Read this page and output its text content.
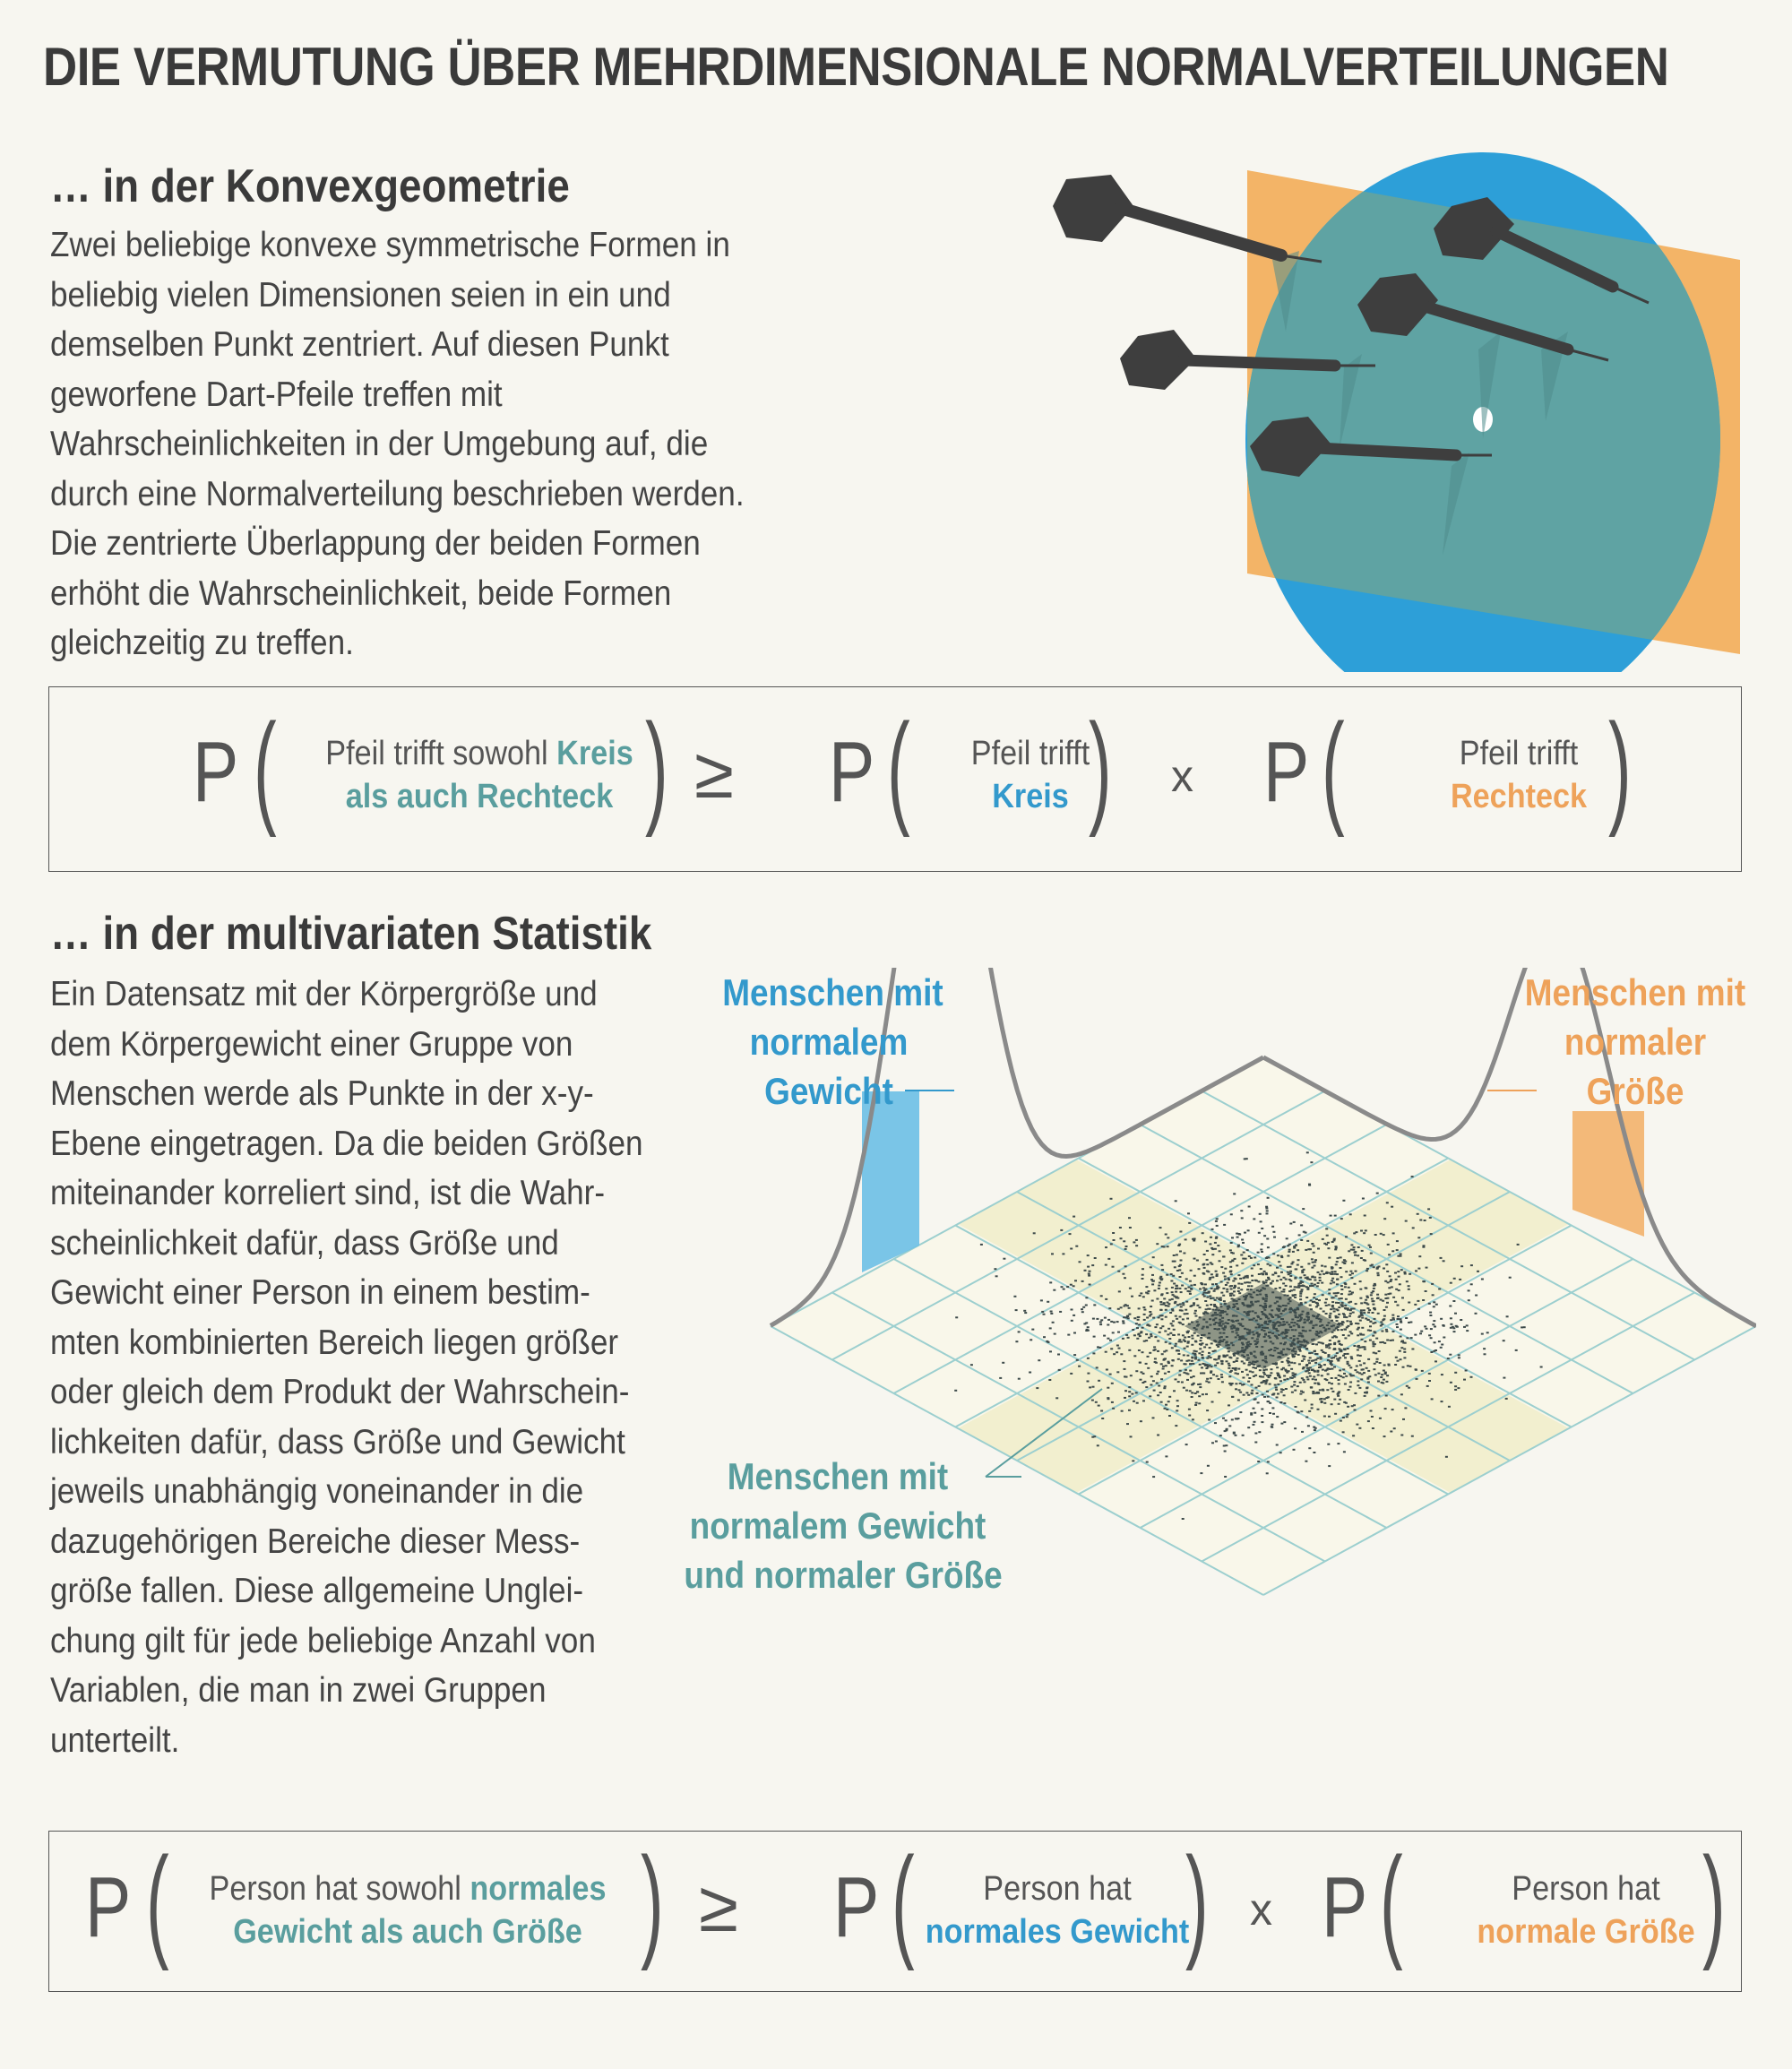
DIE VERMUTUNG ÜBER MEHRDIMENSIONALE NORMALVERTEILUNGEN
… in der Konvexgeometrie
Zwei beliebige konvexe symmetrische Formen in
beliebig vielen Dimensionen seien in ein und
demselben Punkt zentriert. Auf diesen Punkt
geworfene Dart-Pfeile treffen mit
Wahrscheinlichkeiten in der Umgebung auf, die
durch eine Normalverteilung beschrieben werden.
Die zentrierte Überlappung der beiden Formen
erhöht die Wahrscheinlichkeit, beide Formen
gleichzeitig zu treffen.
P (	Pfeil trifft sowohl Kreis
als auch Rechteck ) ≥ P (	Pfeil trifft
Kreis ) x P (	Pfeil trifft
Rechteck )
… in der multivariaten Statistik
Ein Datensatz mit der Körpergröße und
dem Körpergewicht einer Gruppe von
Menschen werde als Punkte in der x-y-
Ebene eingetragen. Da die beiden Größen
miteinander korreliert sind, ist die Wahr-
scheinlichkeit dafür, dass Größe und
Gewicht einer Person in einem bestim-
mten kombinierten Bereich liegen größer
oder gleich dem Produkt der Wahrschein-
lichkeiten dafür, dass Größe und Gewicht
jeweils unabhängig voneinander in die
dazugehörigen Bereiche dieser Mess-
größe fallen. Diese allgemeine Unglei-
chung gilt für jede beliebige Anzahl von
Variablen, die man in zwei Gruppen
unterteilt.
Menschen mit
normalem
Gewicht
Menschen mit
normaler
Größe
Menschen mit
normalem Gewicht
und normaler Größe
P (	Person hat sowohl normales
Gewicht als auch Größe ) ≥ P (	Person hat
normales Gewicht
) x P (	Person hat
normale Größe )
